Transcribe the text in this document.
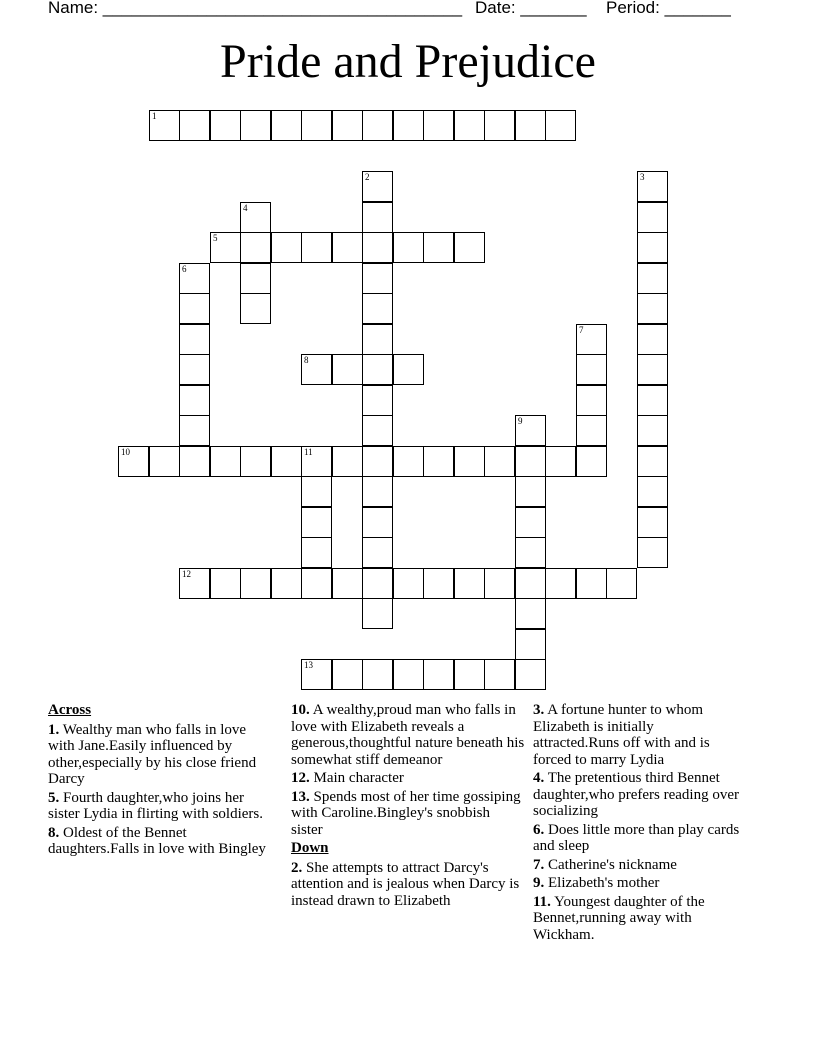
Name: ______________________________________ Date: _______ Period: _______
Pride and Prejudice
1
2	3
4
5
6
7
8
9
10	11
12
13
Across
1. Wealthy man who falls in love with Jane.Easily influenced by other,especially by his close friend Darcy
5. Fourth daughter,who joins her sister Lydia in flirting with soldiers.
8. Oldest of the Bennet daughters.Falls in love with Bingley
10. A wealthy,proud man who falls in love with Elizabeth reveals a generous,thoughtful nature beneath his somewhat stiff demeanor
12. Main character
13. Spends most of her time gossiping with Caroline.Bingley's snobbish sister
Down
2. She attempts to attract Darcy's attention and is jealous when Darcy is instead drawn to Elizabeth
3. A fortune hunter to whom Elizabeth is initially attracted.Runs off with and is forced to marry Lydia
4. The pretentious third Bennet daughter,who prefers reading over socializing
6. Does little more than play cards and sleep
7. Catherine's nickname
9. Elizabeth's mother
11. Youngest daughter of the Bennet,running away with Wickham.
